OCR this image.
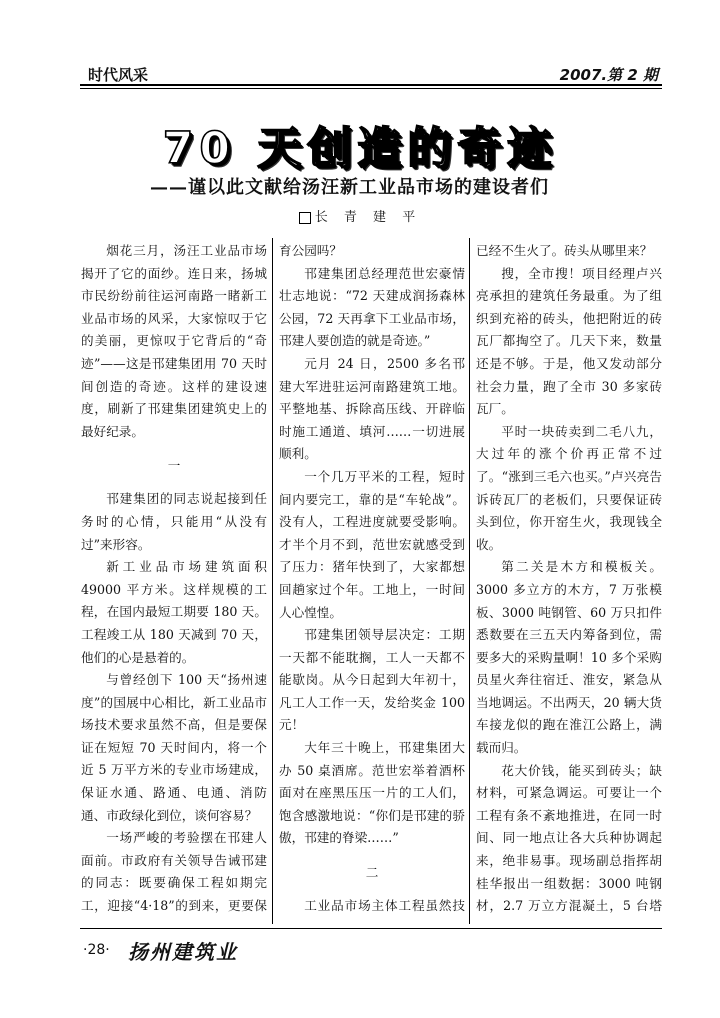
时代风采	2007.第 2 期
70 天创造的奇迹
——谨以此文献给汤汪新工业品市场的建设者们
长 青 建 平

烟花三月，汤汪工业品市场揭开了它的面纱。连日来，扬城市民纷纷前往运河南路一睹新工业品市场的风采，大家惊叹于它的美丽，更惊叹于它背后的“奇迹”——这是邗建集团用 70 天时间创造的奇迹。这样的建设速度，刷新了邗建集团建筑史上的最好纪录。

一

邗建集团的同志说起接到任务时的心情，只能用“从没有过”来形容。

新工业品市场建筑面积 49000 平方米。这样规模的工程，在国内最短工期要 180 天。工程竣工从 180 天减到 70 天，他们的心是悬着的。

与曾经创下 100 天“扬州速度”的国展中心相比，新工业品市场技术要求虽然不高，但是要保证在短短 70 天时间内，将一个近 5 万平方米的专业市场建成，保证水通、路通、电通、消防通、市政绿化到位，谈何容易？

一场严峻的考验摆在邗建人面前。市政府有关领导告诫邗建的同志：既要确保工程如期完工，迎接“4·18”的到来，更要保

育公园吗？

邗建集团总经理范世宏豪情壮志地说：“72 天建成润扬森林公园，72 天再拿下工业品市场，邗建人要创造的就是奇迹。”

元月 24 日，2500 多名邗建大军进驻运河南路建筑工地。平整地基、拆除高压线、开辟临时施工通道、填河……一切进展顺利。

一个几万平米的工程，短时间内要完工，靠的是“车轮战”。没有人，工程进度就要受影响。才半个月不到，范世宏就感受到了压力：猪年快到了，大家都想回趟家过个年。工地上，一时间人心惶惶。

邗建集团领导层决定：工期一天都不能耽搁，工人一天都不能歇岗。从今日起到大年初十，凡工人工作一天，发给奖金 100 元！

大年三十晚上，邗建集团大办 50 桌酒席。范世宏举着酒杯面对在座黑压压一片的工人们，饱含感激地说：“你们是邗建的骄傲，邗建的脊梁……”

二

工业品市场主体工程虽然技

已经不生火了。砖头从哪里来？

搜，全市搜！项目经理卢兴亮承担的建筑任务最重。为了组织到充裕的砖头，他把附近的砖瓦厂都掏空了。几天下来，数量还是不够。于是，他又发动部分社会力量，跑了全市 30 多家砖瓦厂。

平时一块砖卖到二毛八九，大过年的涨个价再正常不过了。“涨到三毛六也买。”卢兴亮告诉砖瓦厂的老板们，只要保证砖头到位，你开窑生火，我现钱全收。

第二关是木方和模板关。3000 多立方的木方，7 万张模板、3000 吨钢管、60 万只扣件悉数要在三五天内筹备到位，需要多大的采购量啊！10 多个采购员星火奔往宿迁、淮安，紧急从当地调运。不出两天，20 辆大货车接龙似的跑在淮江公路上，满载而归。

花大价钱，能买到砖头；缺材料，可紧急调运。可要让一个工程有条不紊地推进，在同一时间、同一地点让各大兵种协调起来，绝非易事。现场副总指挥胡桂华报出一组数据：3000 吨钢材，2.7 万立方混凝土，5 台塔

·28· 扬州建筑业
